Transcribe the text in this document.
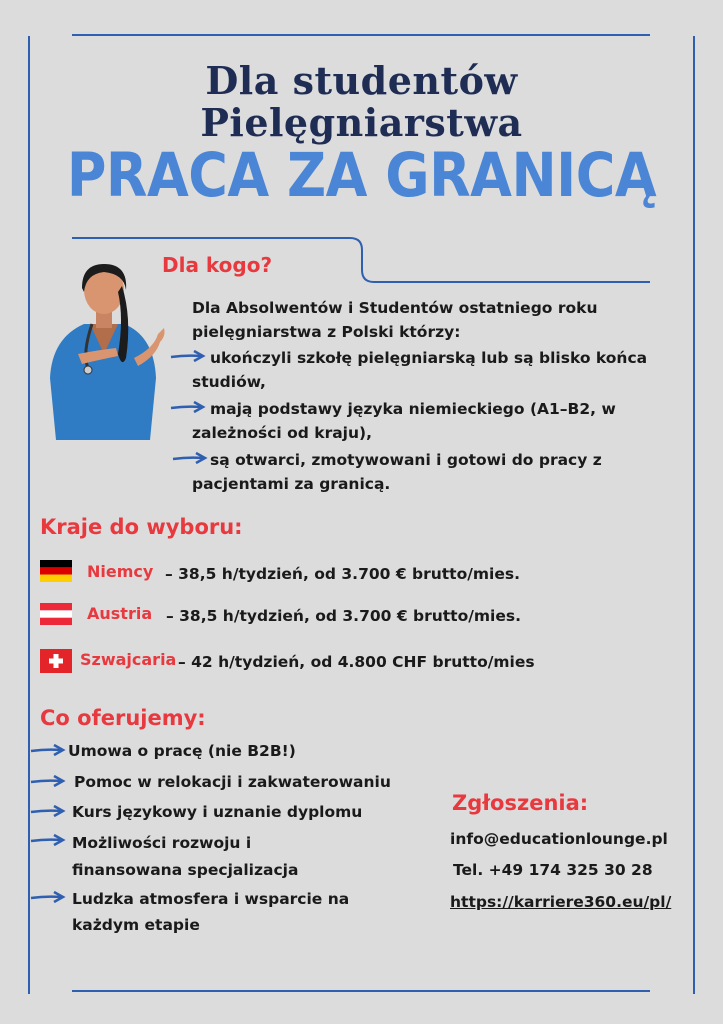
Dla studentów
Pielęgniarstwa
PRACA ZA GRANICĄ
Dla kogo?
Dla Absolwentów i Studentów ostatniego roku pielęgniarstwa z Polski którzy:
ukończyli szkołę pielęgniarską lub są blisko końca studiów,
mają podstawy języka niemieckiego (A1–B2, w zależności od kraju),
są otwarci, zmotywowani i gotowi do pracy z pacjentami za granicą.
Kraje do wyboru:
Niemcy – 38,5 h/tydzień, od 3.700 € brutto/mies.
Austria – 38,5 h/tydzień, od 3.700 € brutto/mies.
Szwajcaria – 42 h/tydzień, od 4.800 CHF brutto/mies
Co oferujemy:
Umowa o pracę (nie B2B!)
Pomoc w relokacji i zakwaterowaniu
Kurs językowy i uznanie dyplomu
Możliwości rozwoju i finansowana specjalizacja
Ludzka atmosfera i wsparcie na każdym etapie
Zgłoszenia:
info@educationlounge.pl
Tel. +49 174 325 30 28
https://karriere360.eu/pl/
